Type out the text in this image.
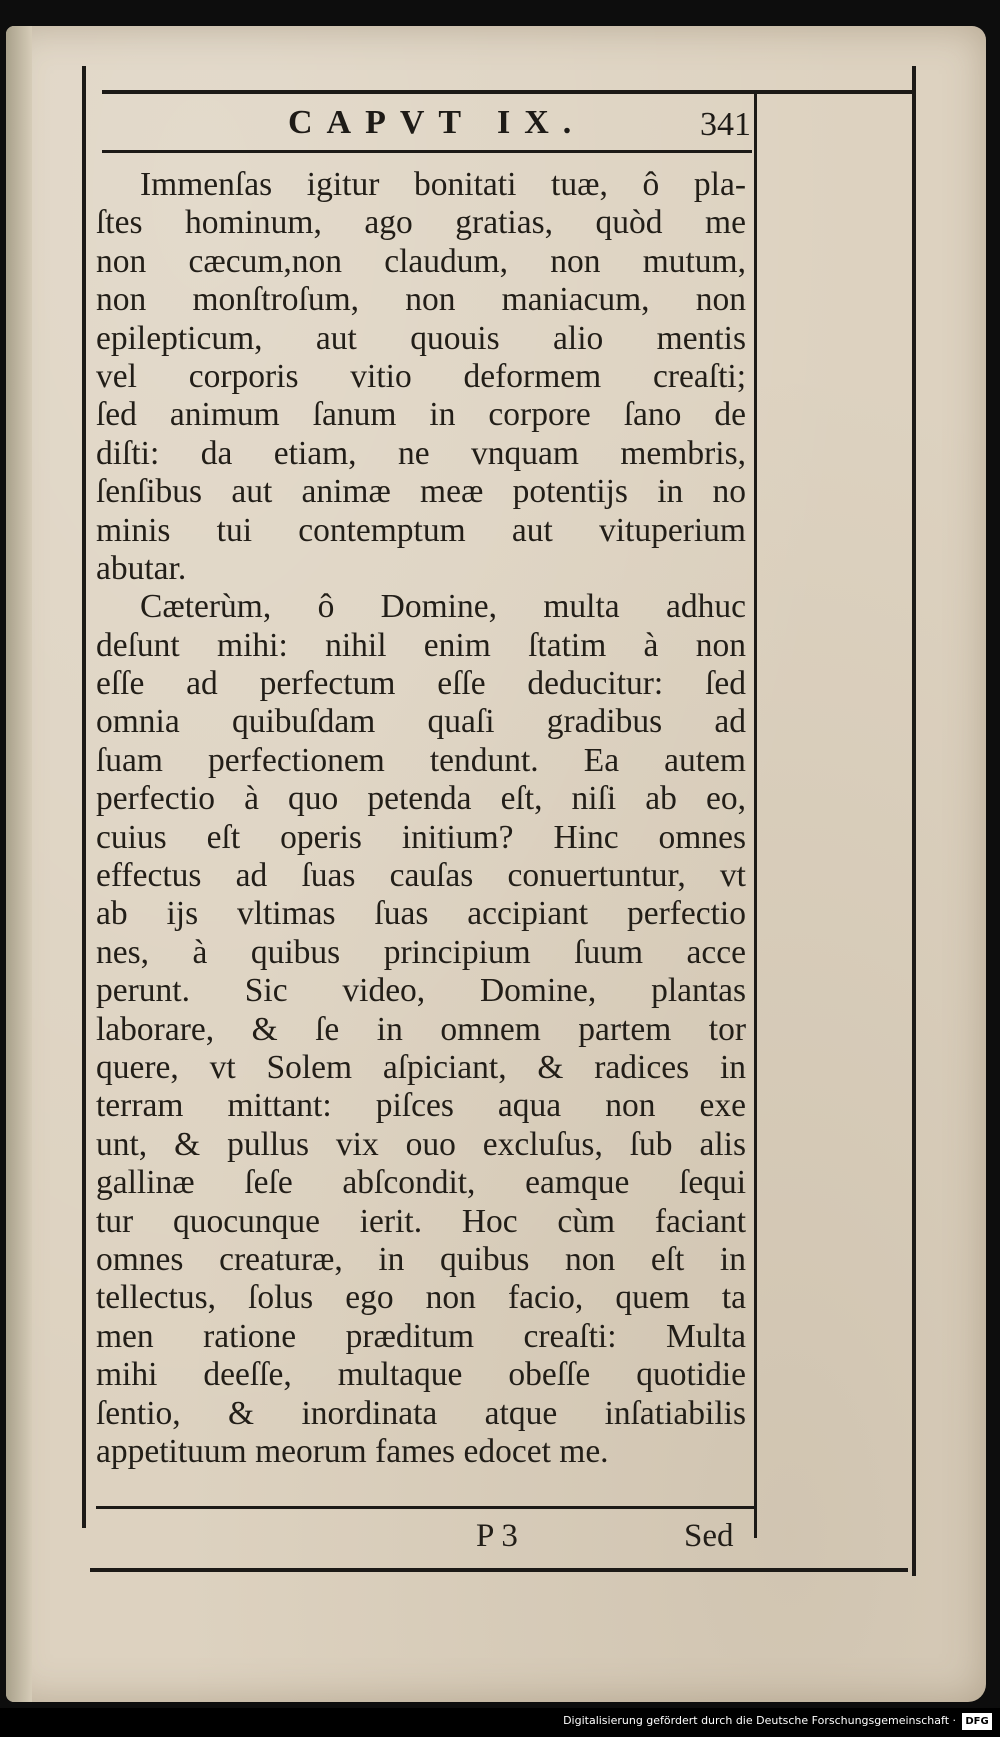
CAPVT IX.	341
Immenſas igitur bonitati tuæ, ô pla-
ſtes hominum, ago gratias, quòd me
non cæcum,non claudum, non mutum,
non monſtroſum, non maniacum, non
epilepticum, aut quouis alio mentis
vel corporis vitio deformem creaſti;
ſed animum ſanum in corpore ſano de
diſti: da etiam, ne vnquam membris,
ſenſibus aut animæ meæ potentijs in no
minis tui contemptum aut vituperium
abutar.
Cæterùm, ô Domine, multa adhuc
deſunt mihi: nihil enim ſtatim à non
eſſe ad perfectum eſſe deducitur: ſed
omnia quibuſdam quaſi gradibus ad
ſuam perfectionem tendunt. Ea autem
perfectio à quo petenda eſt, niſi ab eo,
cuius eſt operis initium? Hinc omnes
effectus ad ſuas cauſas conuertuntur, vt
ab ijs vltimas ſuas accipiant perfectio
nes, à quibus principium ſuum acce
perunt. Sic video, Domine, plantas
laborare, & ſe in omnem partem tor
quere, vt Solem aſpiciant, & radices in
terram mittant: piſces aqua non exe
unt, & pullus vix ouo excluſus, ſub alis
gallinæ ſeſe abſcondit, eamque ſequi
tur quocunque ierit. Hoc cùm faciant
omnes creaturæ, in quibus non eſt in
tellectus, ſolus ego non facio, quem ta
men ratione præditum creaſti: Multa
mihi deeſſe, multaque obeſſe quotidie
ſentio, & inordinata atque inſatiabilis
appetituum meorum fames edocet me.
P 3	Sed
Digitalisierung gefördert durch die Deutsche Forschungsgemeinschaft · DFG
